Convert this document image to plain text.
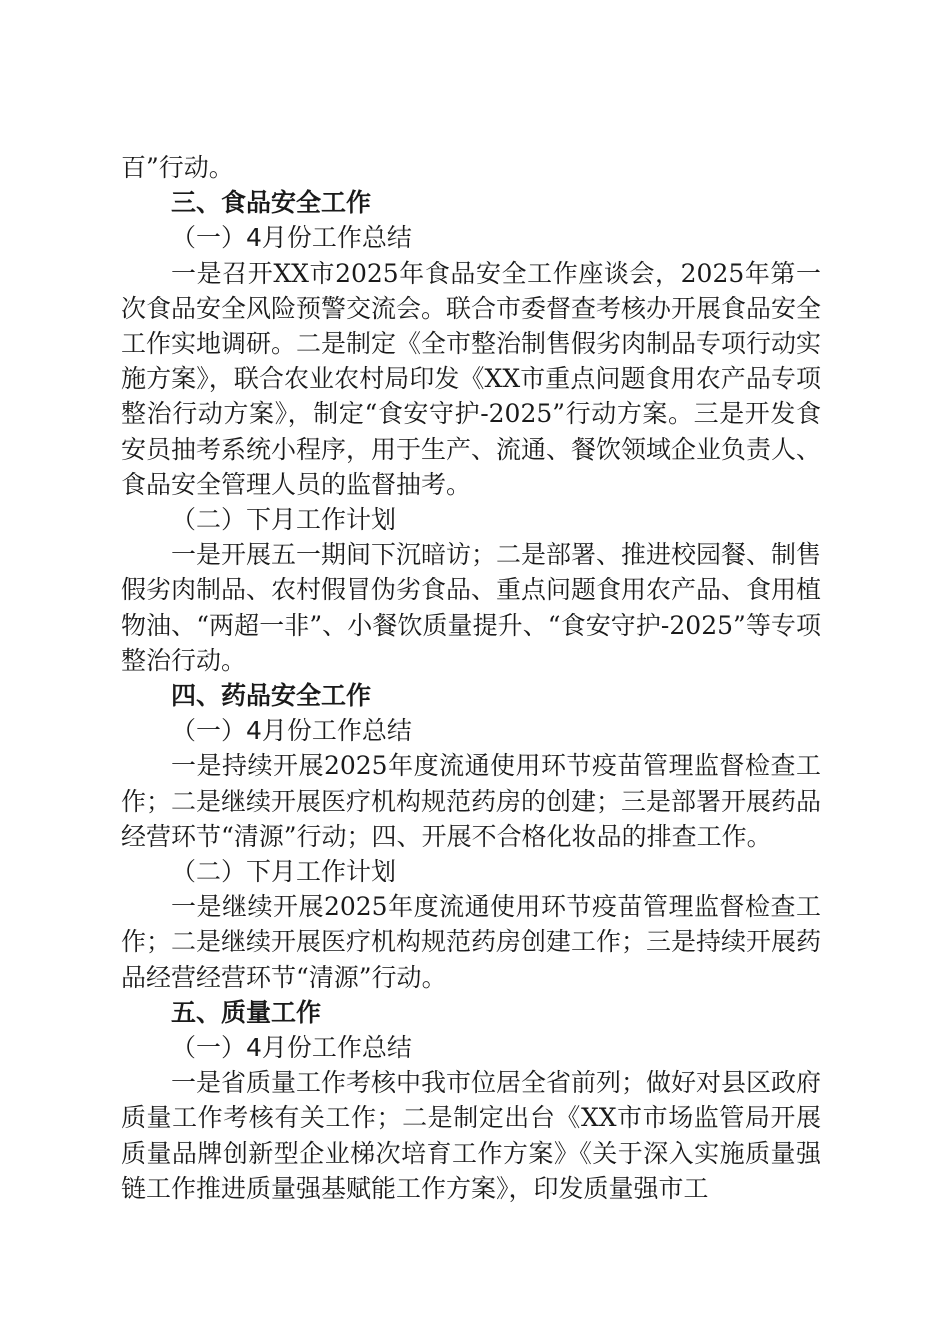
百”行动。

三、食品安全工作

（一）4月份工作总结

一是召开XX市2025年食品安全工作座谈会，2025年第一次食品安全风险预警交流会。联合市委督查考核办开展食品安全工作实地调研。二是制定《全市整治制售假劣肉制品专项行动实施方案》，联合农业农村局印发《XX市重点问题食用农产品专项整治行动方案》，制定“食安守护-2025”行动方案。三是开发食安员抽考系统小程序，用于生产、流通、餐饮领域企业负责人、食品安全管理人员的监督抽考。

（二）下月工作计划

一是开展五一期间下沉暗访；二是部署、推进校园餐、制售假劣肉制品、农村假冒伪劣食品、重点问题食用农产品、食用植物油、“两超一非”、小餐饮质量提升、“食安守护-2025”等专项整治行动。

四、药品安全工作

（一）4月份工作总结

一是持续开展2025年度流通使用环节疫苗管理监督检查工作；二是继续开展医疗机构规范药房的创建；三是部署开展药品经营环节“清源”行动；四、开展不合格化妆品的排查工作。

（二）下月工作计划

一是继续开展2025年度流通使用环节疫苗管理监督检查工作；二是继续开展医疗机构规范药房创建工作；三是持续开展药品经营经营环节“清源”行动。

五、质量工作

（一）4月份工作总结

一是省质量工作考核中我市位居全省前列；做好对县区政府质量工作考核有关工作；二是制定出台《XX市市场监管局开展质量品牌创新型企业梯次培育工作方案》《关于深入实施质量强链工作推进质量强基赋能工作方案》，印发质量强市工
